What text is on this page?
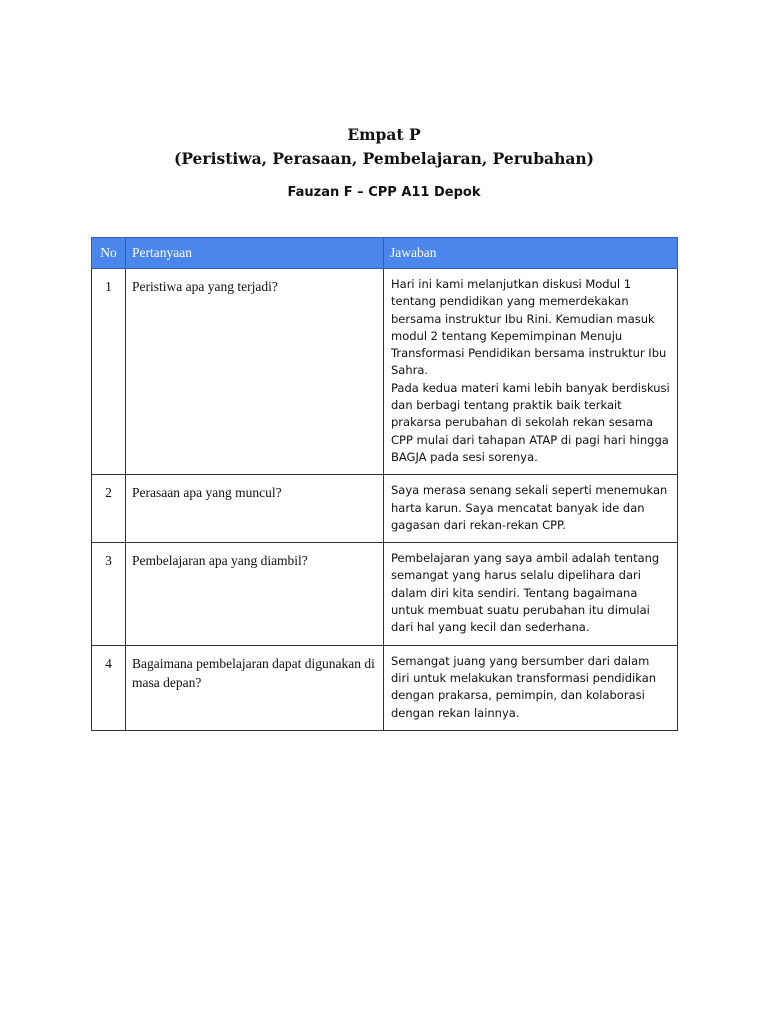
Empat P
(Peristiwa, Perasaan, Pembelajaran, Perubahan)
Fauzan F – CPP A11 Depok
No	Pertanyaan	Jawaban
1	Peristiwa apa yang terjadi?	Hari ini kami melanjutkan diskusi Modul 1 tentang pendidikan yang memerdekakan bersama instruktur Ibu Rini. Kemudian masuk modul 2 tentang Kepemimpinan Menuju Transformasi Pendidikan bersama instruktur Ibu Sahra.
Pada kedua materi kami lebih banyak berdiskusi dan berbagi tentang praktik baik terkait prakarsa perubahan di sekolah rekan sesama CPP mulai dari tahapan ATAP di pagi hari hingga BAGJA pada sesi sorenya.

2	Perasaan apa yang muncul?	Saya merasa senang sekali seperti menemukan harta karun. Saya mencatat banyak ide dan gagasan dari rekan-rekan CPP.

3	Pembelajaran apa yang diambil?	Pembelajaran yang saya ambil adalah tentang semangat yang harus selalu dipelihara dari dalam diri kita sendiri. Tentang bagaimana untuk membuat suatu perubahan itu dimulai dari hal yang kecil dan sederhana.

4	Bagaimana pembelajaran dapat digunakan di masa depan?	Semangat juang yang bersumber dari dalam diri untuk melakukan transformasi pendidikan dengan prakarsa, pemimpin, dan kolaborasi dengan rekan lainnya.
